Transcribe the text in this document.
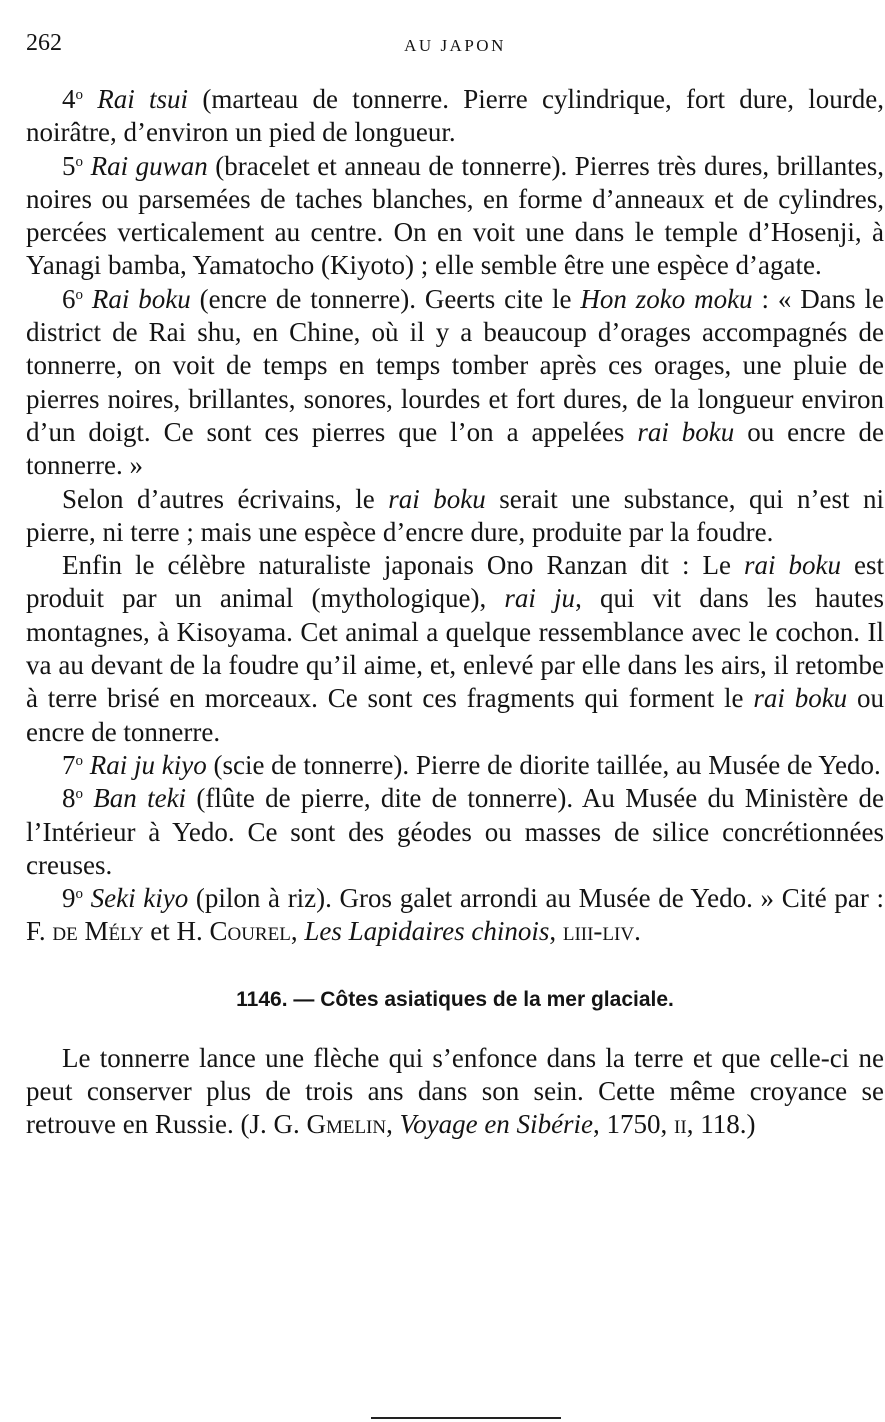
262	AU JAPON

4$^o$ Rai tsui (marteau de tonnerre. Pierre cylindrique, fort dure, lourde, noirâtre, d’environ un pied de longueur.

5$^o$ Rai guwan (bracelet et anneau de tonnerre). Pierres très dures, brillantes, noires ou parsemées de taches blanches, en forme d’anneaux et de cylindres, percées verticalement au centre. On en voit une dans le temple d’Hosenji, à Yanagi bamba, Yamatocho (Kiyoto) ; elle semble être une espèce d’agate.

6$^o$ Rai boku (encre de tonnerre). Geerts cite le Hon zoko moku : « Dans le district de Rai shu, en Chine, où il y a beaucoup d’orages accompagnés de tonnerre, on voit de temps en temps tomber après ces orages, une pluie de pierres noires, brillantes, sonores, lourdes et fort dures, de la longueur environ d’un doigt. Ce sont ces pierres que l’on a appelées rai boku ou encre de tonnerre. »

Selon d’autres écrivains, le rai boku serait une substance, qui n’est ni pierre, ni terre ; mais une espèce d’encre dure, produite par la foudre.

Enfin le célèbre naturaliste japonais Ono Ranzan dit : Le rai boku est produit par un animal (mythologique), rai ju, qui vit dans les hautes montagnes, à Kisoyama. Cet animal a quelque ressemblance avec le cochon. Il va au devant de la foudre qu’il aime, et, enlevé par elle dans les airs, il retombe à terre brisé en morceaux. Ce sont ces fragments qui forment le rai boku ou encre de tonnerre.

7$^o$ Rai ju kiyo (scie de tonnerre). Pierre de diorite taillée, au Musée de Yedo.

8$^o$ Ban teki (flûte de pierre, dite de tonnerre). Au Musée du Ministère de l’Intérieur à Yedo. Ce sont des géodes ou masses de silice concrétionnées creuses.

9$^o$ Seki kiyo (pilon à riz). Gros galet arrondi au Musée de Yedo. » Cité par : F. de Mély et H. Courel, Les Lapidaires chinois, liii-liv.

1146. — Côtes asiatiques de la mer glaciale.

Le tonnerre lance une flèche qui s’enfonce dans la terre et que celle-ci ne peut conserver plus de trois ans dans son sein. Cette même croyance se retrouve en Russie. (J. G. Gmelin, Voyage en Sibérie, 1750, ii, 118.)
